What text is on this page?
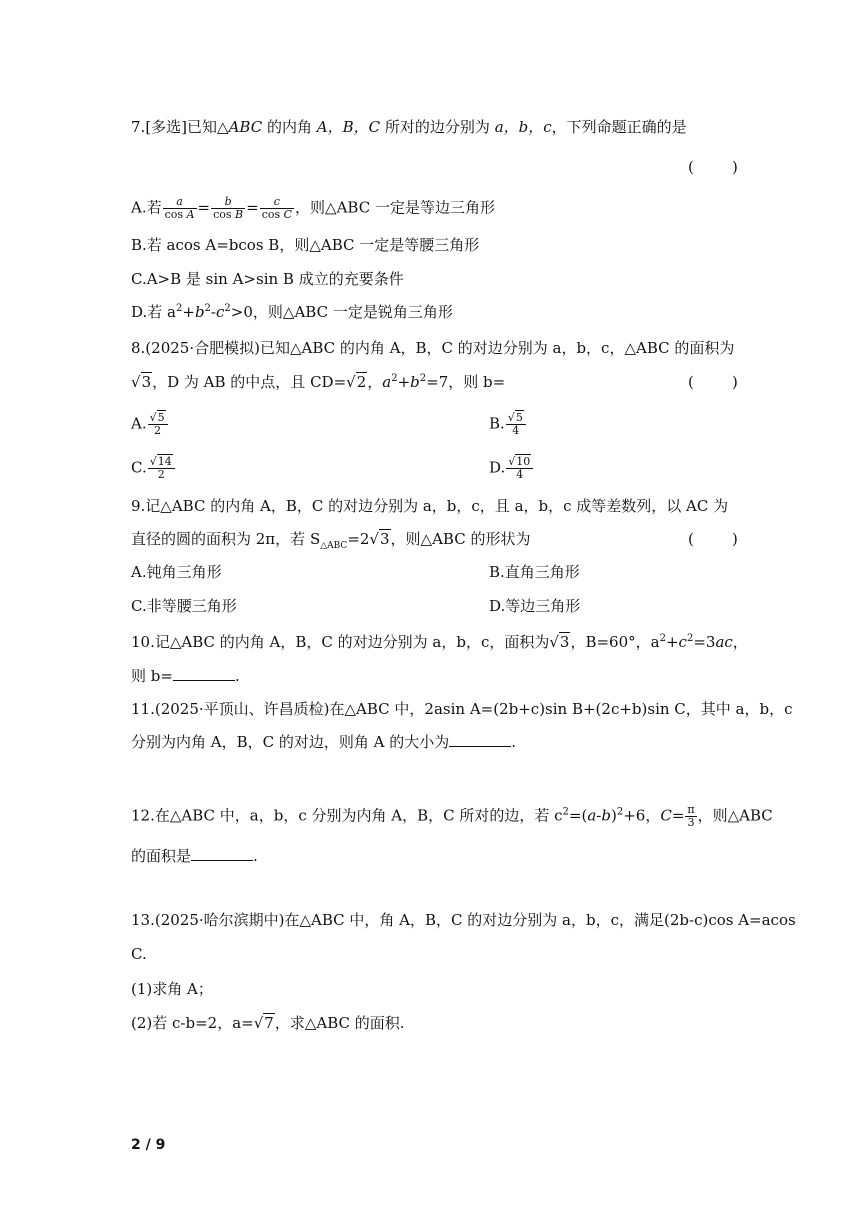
7.[多选]已知△ABC 的内角 A，B，C 所对的边分别为 a，b，c，下列命题正确的是
(        )
A.若 $\frac{a}{\text{cos A}} = \frac{b}{\text{cos B}} = \frac{c}{\text{cos C}}$ ，则△ABC 一定是等边三角形
B.若 acos A=bcos B，则△ABC 一定是等腰三角形
C.A>B 是 sin A>sin B 成立的充要条件
D.若 $a^2+b^2-c^2>0$，则△ABC 一定是锐角三角形
8.(2025·合肥模拟)已知△ABC 的内角 A，B，C 的对边分别为 a，b，c，△ABC 的面积为
√3，D 为 AB 的中点，且 CD=√2，$a^2+b^2=7$，则 b=	(        )
A. $\frac{√5}{2}$	B. $\frac{√5}{4}$
C. $\frac{√14}{2}$	D. $\frac{√10}{4}$
9.记△ABC 的内角 A，B，C 的对边分别为 a，b，c，且 a，b，c 成等差数列，以 AC 为
直径的圆的面积为 2π，若 $S_{\triangle ABC}=2√3$，则△ABC 的形状为	(        )
A.钝角三角形	B.直角三角形
C.非等腰三角形	D.等边三角形
10.记△ABC 的内角 A，B，C 的对边分别为 a，b，c，面积为√3，B=60°，$a^2+c^2=3ac$，
则 b=	.
11.(2025·平顶山、许昌质检)在△ABC 中，2asin A=(2b+c)sin B+(2c+b)sin C，其中 a，b，c
分别为内角 A，B，C 的对边，则角 A 的大小为	.
12.在△ABC 中，a，b，c 分别为内角 A，B，C 所对的边，若 $c^2=(a-b)^2+6$，$C= \frac{\pi}{3}$ ，则△ABC
的面积是	.
13.(2025·哈尔滨期中)在△ABC 中，角 A，B，C 的对边分别为 a，b，c，满足(2b-c)cos A=acos
C.
(1)求角 A；
(2)若 c-b=2，a=√7，求△ABC 的面积.
2 / 9
